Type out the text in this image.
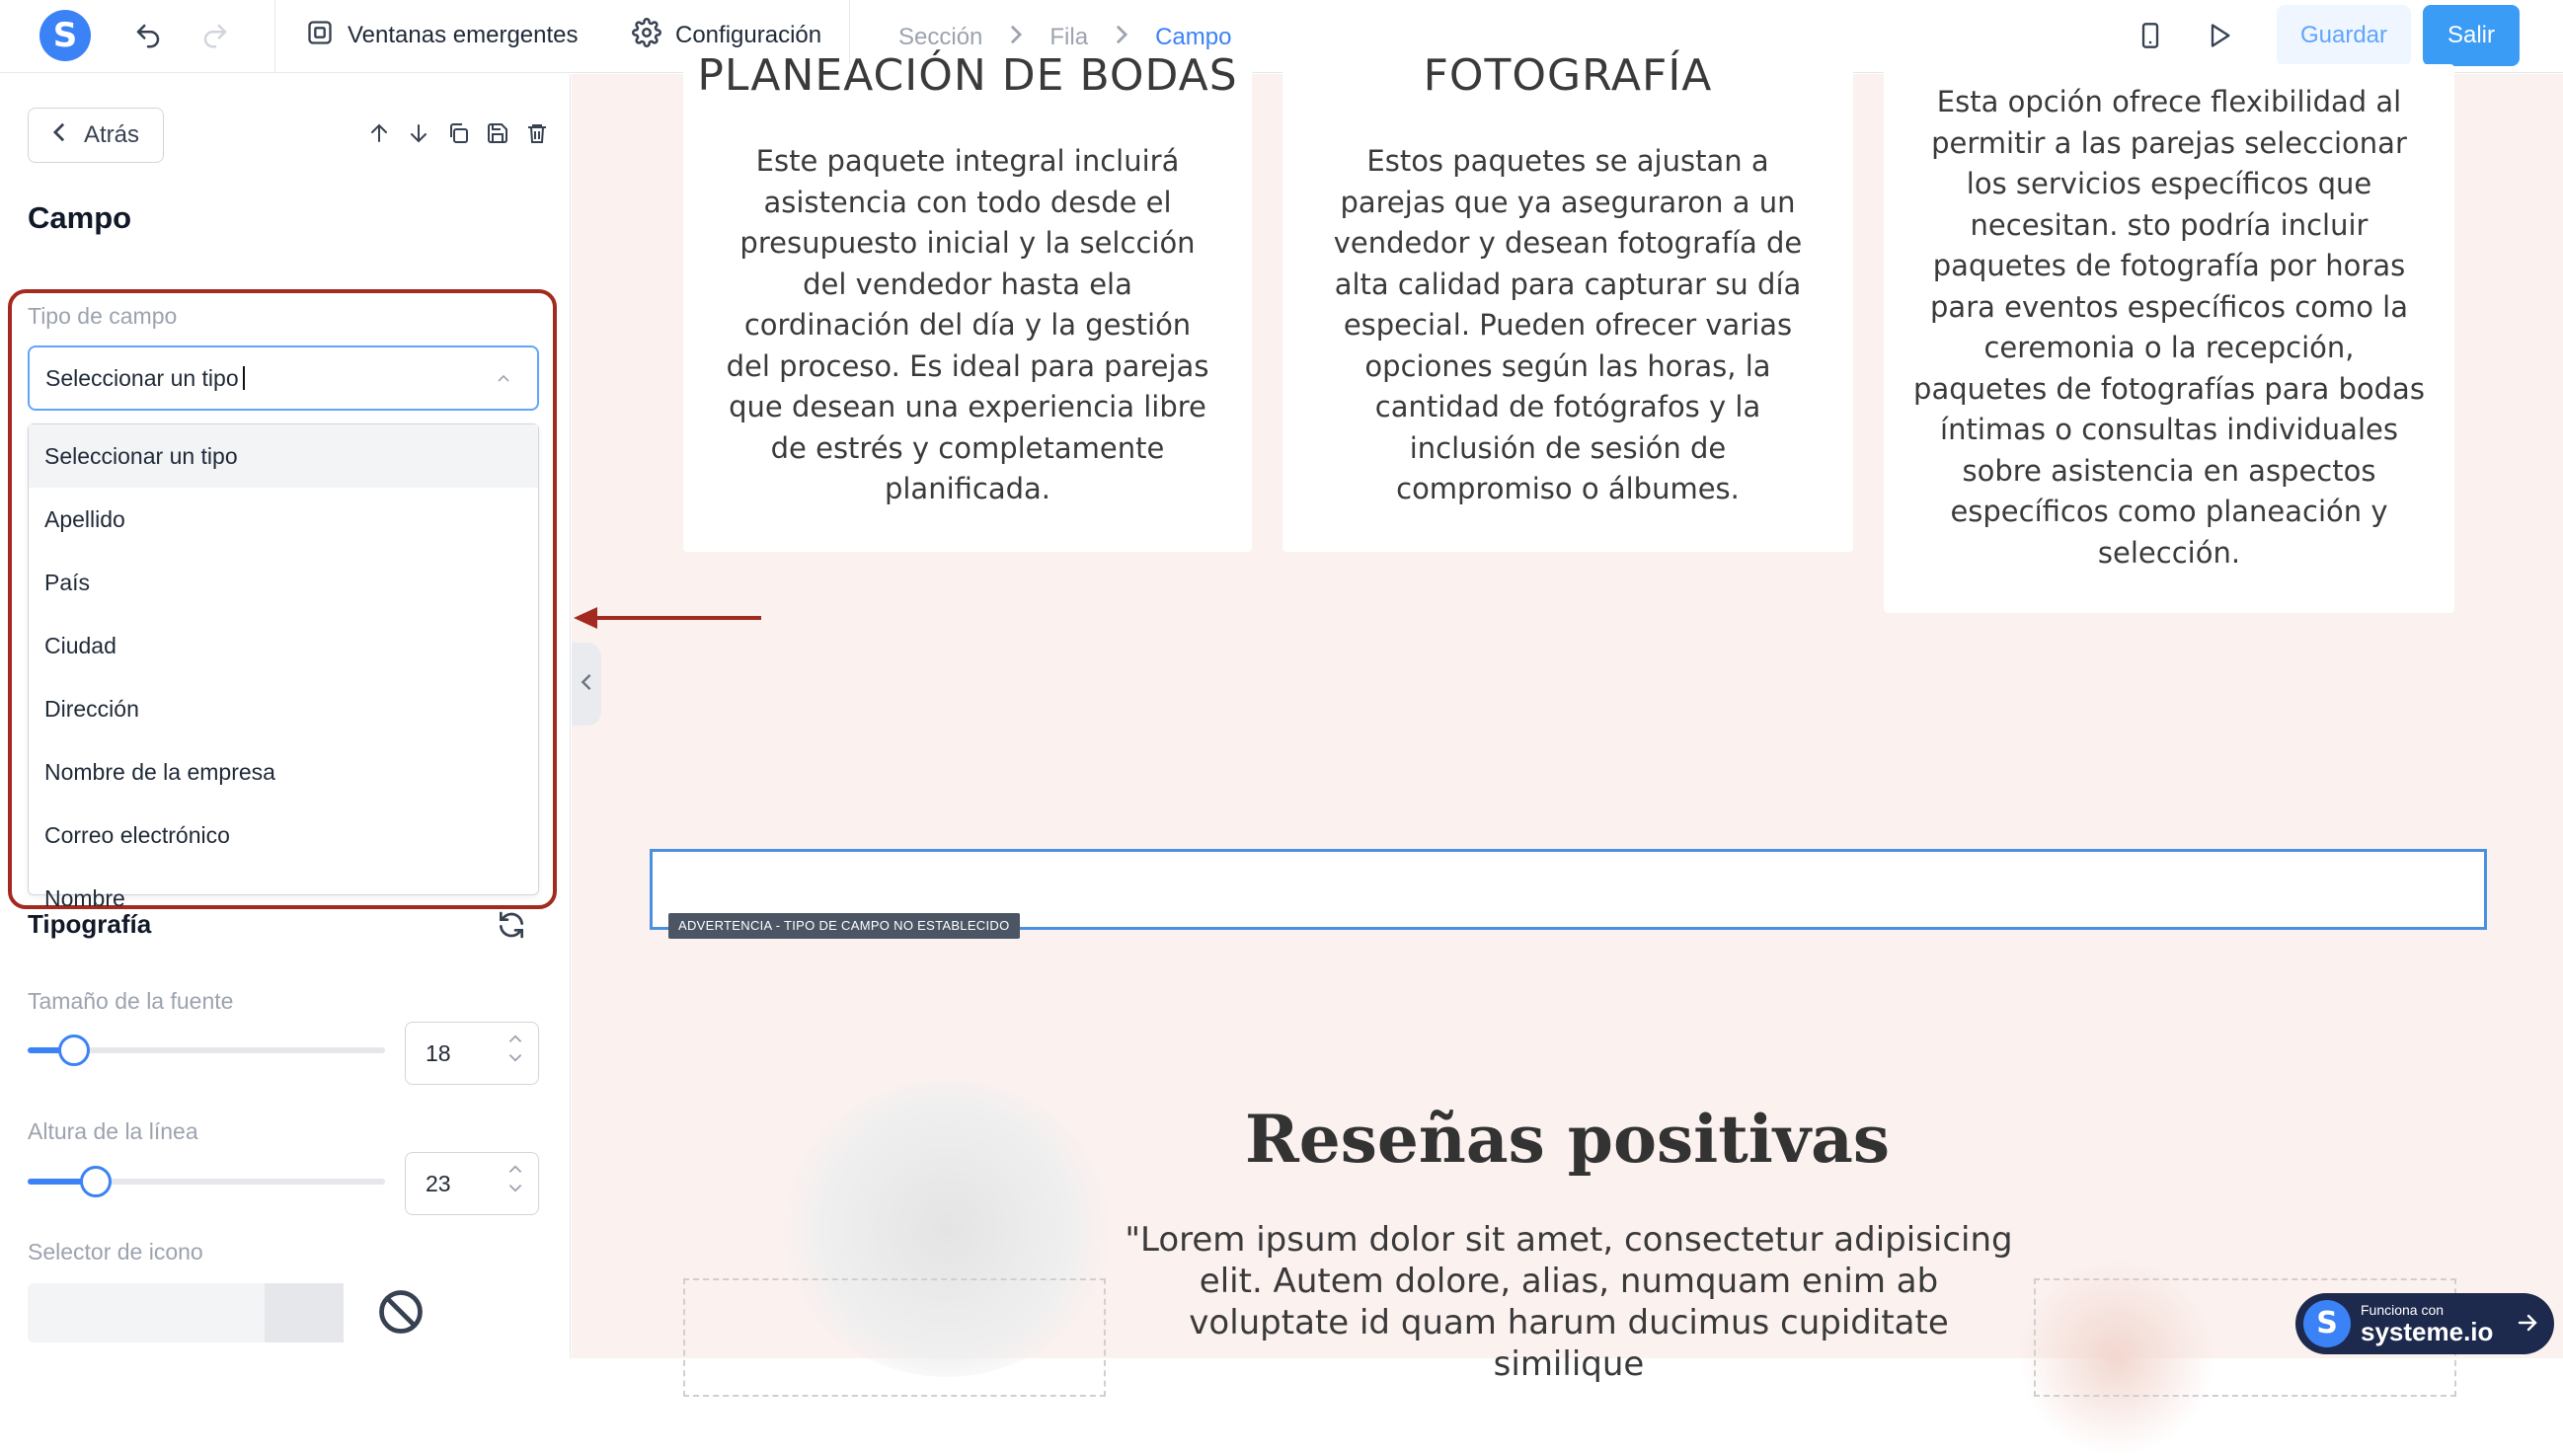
S	Ventanas emergentes	Configuración	Sección	Fila	Campo	Guardar	Salir
Atrás
Campo
Tipo de campo
Seleccionar un tipo
Seleccionar un tipo
Apellido
País
Ciudad
Dirección
Nombre de la empresa
Correo electrónico
Nombre
Tipografía
Tamaño de la fuente
18
Altura de la línea
23
Selector de icono
PLANEACIÓN DE BODAS
Este paquete integral incluirá asistencia con todo desde el presupuesto inicial y la selcción del vendedor hasta ela cordinación del día y la gestión del proceso. Es ideal para parejas que desean una experiencia libre de estrés y completamente planificada.
FOTOGRAFÍA
Estos paquetes se ajustan a parejas que ya aseguraron a un vendedor y desean fotografía de alta calidad para capturar su día especial. Pueden ofrecer varias opciones según las horas, la cantidad de fotógrafos y la inclusión de sesión de compromiso o álbumes.
Esta opción ofrece flexibilidad al permitir a las parejas seleccionar los servicios específicos que necesitan. sto podría incluir paquetes de fotografía por horas para eventos específicos como la ceremonia o la recepción, paquetes de fotografías para bodas íntimas o consultas individuales sobre asistencia en aspectos específicos como planeación y selección.
ADVERTENCIA - TIPO DE CAMPO NO ESTABLECIDO
Reseñas positivas
"Lorem ipsum dolor sit amet, consectetur adipisicing elit. Autem dolore, alias, numquam enim ab voluptate id quam harum ducimus cupiditate similique
S	Funciona con
systeme.io
